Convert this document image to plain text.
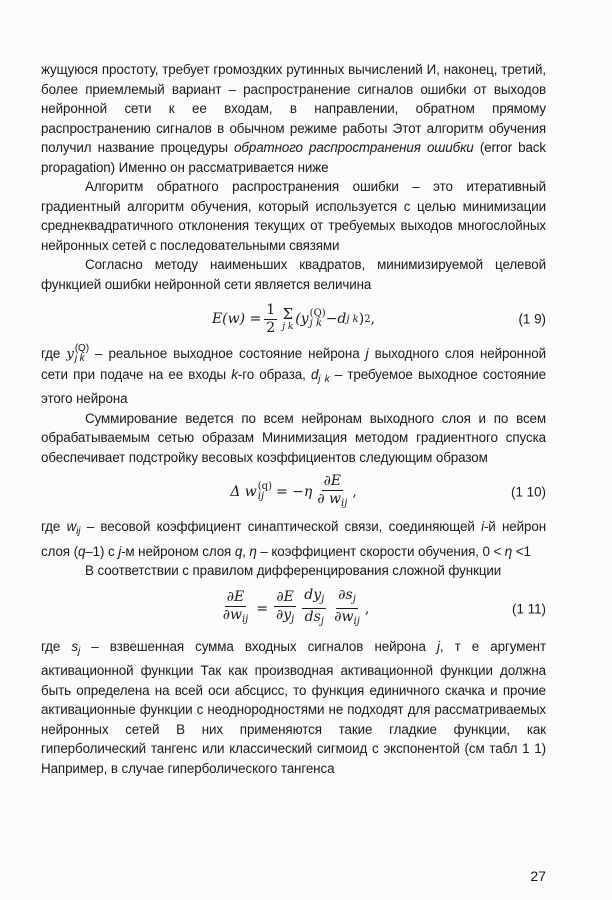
жущуюся простоту, требует громоздких рутинных вычислений И, наконец, третий, более приемлемый вариант – распространение сигналов ошибки от выходов нейронной сети к ее входам, в направлении, обратном прямому распространению сигналов в обычном режиме работы Этот алгоритм обучения получил название процедуры обратного распространения ошибки (error back propagation) Именно он рассматривается ниже

Алгоритм обратного распространения ошибки – это итеративный градиентный алгоритм обучения, который используется с целью минимизации среднеквадратичного отклонения текущих от требуемых выходов многослойных нейронных сетей с последовательными связями

Согласно методу наименьших квадратов, минимизируемой целевой функцией ошибки нейронной сети является величина

$E(w) = \frac{1}{2}$ Σ
j k (y (Q)
j k −d j k ) 2 ,	(1 9)

где y (Q)
j k – реальное выходное состояние нейрона j выходного слоя нейронной сети при подаче на ее входы k-го образа, $d_{j k}$ – требуемое выходное состояние этого нейрона

Суммирование ведется по всем нейронам выходного слоя и по всем обрабатываемым сетью образам Минимизация методом градиентного спуска обеспечивает подстройку весовых коэффициентов следующим образом

Δ w (q)
ij = $-\eta \frac{\partial E}{\partial w_{ij}}$ ,	(1 10)

где $w_{ij}$ – весовой коэффициент синаптической связи, соединяющей i-й нейрон слоя (q–1) с j-м нейроном слоя q, η – коэффициент скорости обучения, 0 < η <1

В соответствии с правилом дифференцирования сложной функции

$\frac{\partial E}{\partial w_{ij}} = \frac{\partial E}{\partial y_j} \frac{dy_j}{ds_j} \frac{\partial s_j}{\partial w_{ij}}$ ,	(1 11)

где $s_j$ – взвешенная сумма входных сигналов нейрона j, т е аргумент активационной функции Так как производная активационной функции должна быть определена на всей оси абсцисс, то функция единичного скачка и прочие активационные функции с неоднородностями не подходят для рассматриваемых нейронных сетей В них применяются такие гладкие функции, как гиперболический тангенс или классический сигмоид с экспонентой (см табл 1 1) Например, в случае гиперболического тангенса

27
